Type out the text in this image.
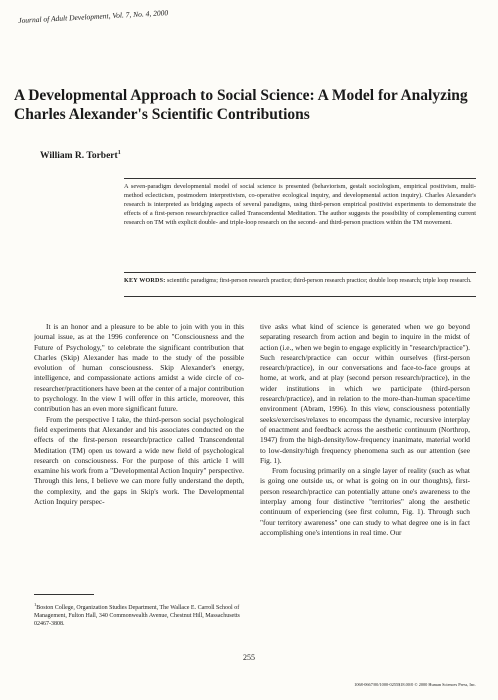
Journal of Adult Development, Vol. 7, No. 4, 2000
A Developmental Approach to Social Science: A Model for Analyzing Charles Alexander's Scientific Contributions
William R. Torbert$^1$

A seven-paradigm developmental model of social science is presented (behaviorism, gestalt sociologism, empirical positivism, multi-method eclecticism, postmodern interpretivism, co-operative ecological inquiry, and developmental action inquiry). Charles Alexander's research is interpreted as bridging aspects of several paradigms, using third-person empirical positivist experiments to demonstrate the effects of a first-person research/practice called Transcendental Meditation. The author suggests the possibility of complementing current research on TM with explicit double- and triple-loop research on the second- and third-person practices within the TM movement.

KEY WORDS: scientific paradigms; first-person research practice; third-person research practice; double loop research; triple loop research.

It is an honor and a pleasure to be able to join with you in this journal issue, as at the 1996 conference on "Consciousness and the Future of Psychology," to celebrate the significant contribution that Charles (Skip) Alexander has made to the study of the possible evolution of human consciousness. Skip Alexander's energy, intelligence, and compassionate actions amidst a wide circle of co-researcher/practitioners have been at the center of a major contribution to psychology. In the view I will offer in this article, moreover, this contribution has an even more significant future.

From the perspective I take, the third-person social psychological field experiments that Alexander and his associates conducted on the effects of the first-person research/practice called Transcendental Meditation (TM) open us toward a wide new field of psychological research on consciousness. For the purpose of this article I will examine his work from a "Developmental Action Inquiry" perspective. Through this lens, I believe we can more fully understand the depth, the complexity, and the gaps in Skip's work. The Developmental Action Inquiry perspec-

tive asks what kind of science is generated when we go beyond separating research from action and begin to inquire in the midst of action (i.e., when we begin to engage explicitly in "research/practice"). Such research/practice can occur within ourselves (first-person research/practice), in our conversations and face-to-face groups at home, at work, and at play (second person research/practice), in the wider institutions in which we participate (third-person research/practice), and in relation to the more-than-human space/time environment (Abram, 1996). In this view, consciousness potentially seeks/exercises/relaxes to encompass the dynamic, recursive interplay of enactment and feedback across the aesthetic continuum (Northrop, 1947) from the high-density/low-frequency inanimate, material world to low-density/high frequency phenomena such as our attention (see Fig. 1).

From focusing primarily on a single layer of reality (such as what is going one outside us, or what is going on in our thoughts), first-person research/practice can potentially attune one's awareness to the interplay among four distinctive "territories" along the aesthetic continuum of experiencing (see first column, Fig. 1). Through such "four territory awareness" one can study to what degree one is in fact accomplishing one's intentions in real time. Our

$^1$Boston College, Organization Studies Department, The Wallace E. Carroll School of Management, Fulton Hall, 340 Commonwealth Avenue, Chestnut Hill, Massachusetts 02467-3808.
255
1068-0667/00/1000-0255$18.00/0 © 2000 Human Sciences Press, Inc.
